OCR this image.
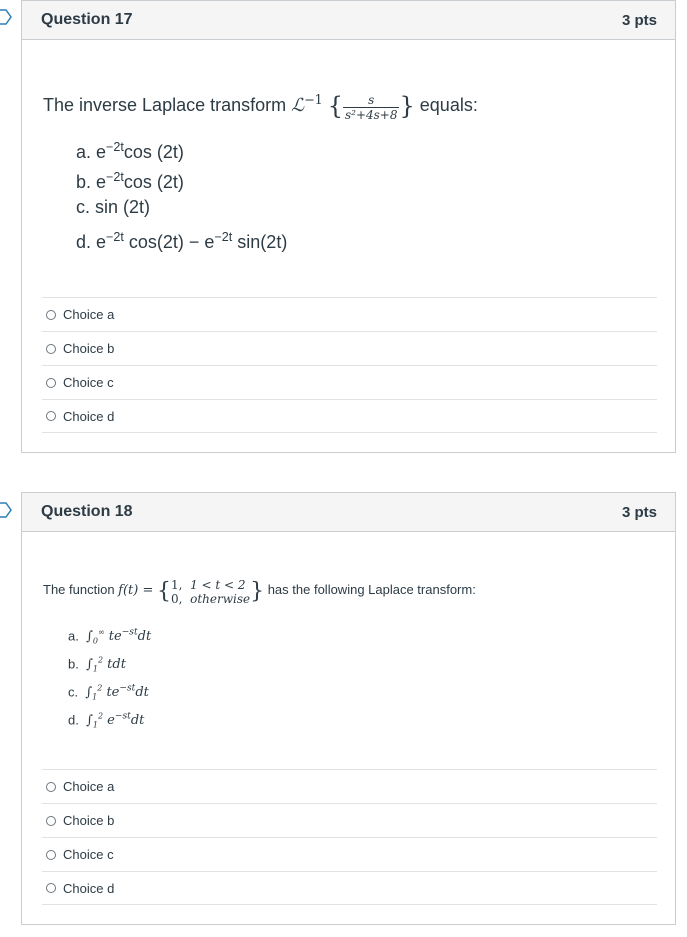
Question 17	3 pts
The inverse Laplace transform ℒ$^{-1}$ { $\frac{s}{\text{s²+4s+8}}$ } equals:
a. $e^{-2t}\cos$ (2t)
b. $e^{-2t}\cos$ (2t)
c. sin (2t)
d. $e^{-2t}$ $\cos(2t) - e^{-2t}$ sin(2t)
Choice a
Choice b
Choice c
Choice d
Question 18	3 pts
The function f(t) = { 1, 1 < t < 2
0, otherwise } has the following Laplace transform:
a. $\int_0^\infty$ $te^{-st}dt$
b. $\int_1^2$ tdt
c. $\int_1^2$ $te^{-st}dt$
d. $\int_1^2$ $e^{-st}dt$
Choice a
Choice b
Choice c
Choice d
